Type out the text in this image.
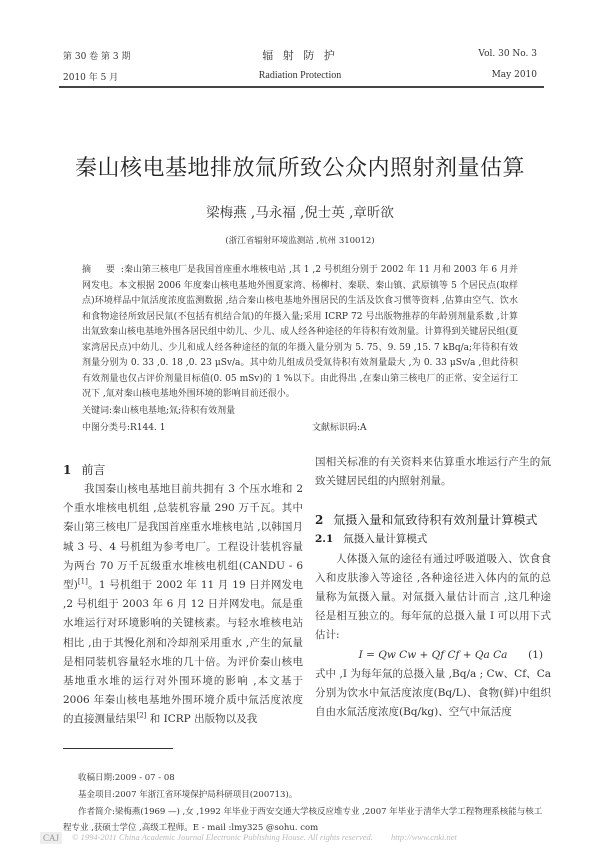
第 30 卷 第 3 期	辐 射 防 护	Vol. 30 No. 3
2010 年 5 月	Radiation Protection	May 2010
秦山核电基地排放氚所致公众内照射剂量估算
梁梅燕 ,马永福 ,倪士英 ,章昕欲
(浙江省辐射环境监测站 ,杭州 310012)
摘 要:秦山第三核电厂是我国首座重水堆核电站 ,其 1 ,2 号机组分别于 2002 年 11 月和 2003 年 6 月并网发电。本文根据 2006 年度秦山核电基地外围夏家湾、杨柳村、秦联、秦山镇、武原镇等 5 个居民点(取样点)环境样品中氚活度浓度监测数据 ,结合秦山核电基地外围居民的生活及饮食习惯等资料 ,估算由空气、饮水和食物途径所致居民氚(不包括有机结合氚)的年摄入量;采用 ICRP 72 号出版物推荐的年龄别剂量系数 ,计算出氚致秦山核电基地外围各居民组中幼儿、少儿、成人经各种途径的年待积有效剂量。计算得到关键居民组(夏家湾居民点)中幼儿、少儿和成人经各种途径的氚的年摄入量分别为 5. 75、9. 59 ,15. 7 kBq/a;年待积有效剂量分别为 0. 33 ,0. 18 ,0. 23 μSv/a。其中幼儿组成员受氚待积有效剂量最大 ,为 0. 33 μSv/a ,但此待积有效剂量也仅占评价剂量目标值(0. 05 mSv)的 1 %以下。由此得出 ,在秦山第三核电厂的正常、安全运行工况下 ,氚对秦山核电基地外围环境的影响目前还很小。
关键词:秦山核电基地;氚;待积有效剂量
中图分类号:R144. 1	文献标识码:A
1 前言

我国秦山核电基地目前共拥有 3 个压水堆和 2 个重水堆核电机组 ,总装机容量 290 万千瓦。其中秦山第三核电厂是我国首座重水堆核电站 ,以韩国月城 3 号、4 号机组为参考电厂。工程设计装机容量为两台 70 万千瓦级重水堆核电机组(CANDU - 6 型)[1]。1 号机组于 2002 年 11 月 19 日并网发电 ,2 号机组于 2003 年 6 月 12 日并网发电。氚是重水堆运行对环境影响的关键核素。与轻水堆核电站相比 ,由于其慢化剂和冷却剂采用重水 ,产生的氚量是相同装机容量轻水堆的几十倍。为评价秦山核电基地重水堆的运行对外围环境的影响 ,本文基于 2006 年秦山核电基地外围环境介质中氚活度浓度的直接测量结果[2] 和 ICRP 出版物以及我

国相关标准的有关资料来估算重水堆运行产生的氚致关键居民组的内照射剂量。

2 氚摄入量和氚致待积有效剂量计算模式
2.1 氚摄入量计算模式

人体摄入氚的途径有通过呼吸道吸入、饮食食入和皮肤渗入等途径 ,各种途径进入体内的氚的总量称为氚摄入量。对氚摄入量估计而言 ,这几种途径是相互独立的。每年氚的总摄入量 I 可以用下式估计:

I = Qw Cw + Qf Cf + Qa Ca (1)

式中 ,I 为每年氚的总摄入量 ,Bq/a ; Cw、Cf、Ca 分别为饮水中氚活度浓度(Bq/L)、食物(鲜)中组织自由水氚活度浓度(Bq/kg)、空气中氚活度

收稿日期:2009 - 07 - 08
基金项目:2007 年浙江省环境保护局科研项目(200713)。
作者简介:梁梅燕(1969 —) ,女 ,1992 年毕业于西安交通大学核反应堆专业 ,2007 年毕业于清华大学工程物理系核能与核工程专业 ,获硕士学位 ,高级工程师。E - mail :lmy325 @sohu. com
CAJ © 1994-2011 China Academic Journal Electronic Publishing House. All rights reserved. http://www.cnki.net
